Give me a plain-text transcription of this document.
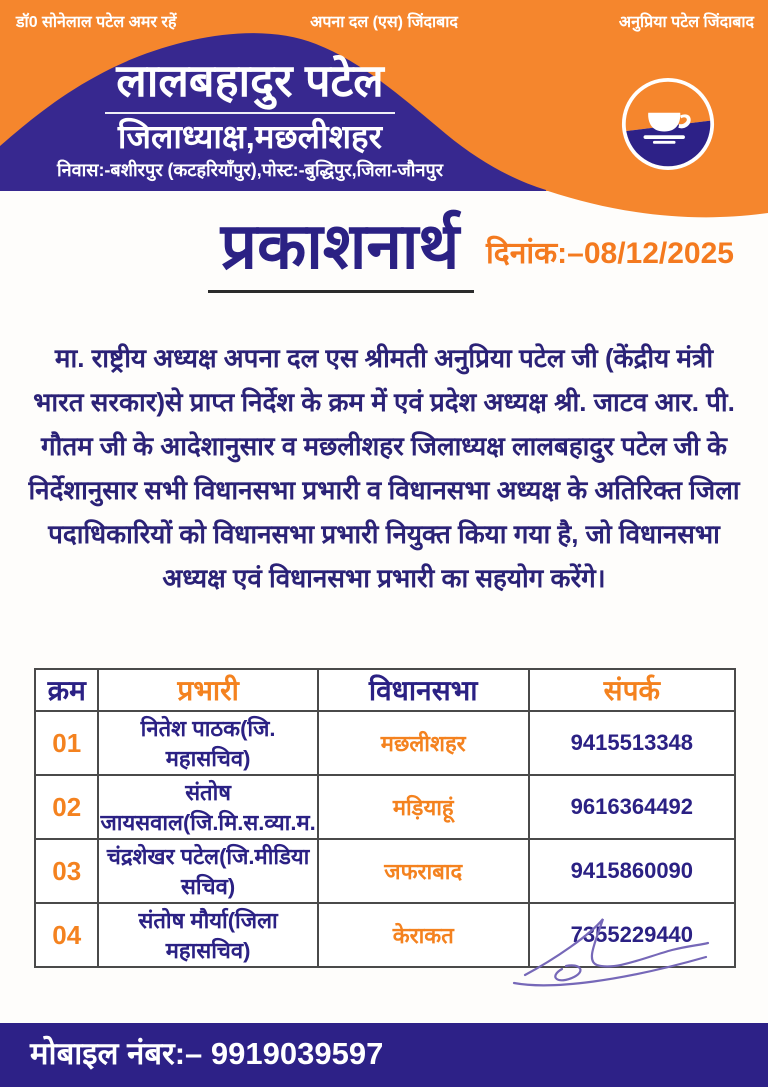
डॉ0 सोनेलाल पटेल अमर रहें	अपना दल (एस) जिंदाबाद	अनुप्रिया पटेल जिंदाबाद
लालबहादुर पटेल
जिलाध्याक्ष,मछलीशहर
निवास:-बशीरपुर (कटहरियाँपुर),पोस्ट:-बुद्धिपुर,जिला-जौनपुर
प्रकाशनार्थ दिनांक:–08/12/2025
मा. राष्ट्रीय अध्यक्ष अपना दल एस श्रीमती अनुप्रिया पटेल जी (केंद्रीय मंत्री
भारत सरकार)से प्राप्त निर्देश के क्रम में एवं प्रदेश अध्यक्ष श्री. जाटव आर. पी.
गौतम जी के आदेशानुसार व मछलीशहर जिलाध्यक्ष लालबहादुर पटेल जी के
निर्देशानुसार सभी विधानसभा प्रभारी व विधानसभा अध्यक्ष के अतिरिक्त जिला
पदाधिकारियों को विधानसभा प्रभारी नियुक्त किया गया है, जो विधानसभा
अध्यक्ष एवं विधानसभा प्रभारी का सहयोग करेंगे।
क्रम	प्रभारी	विधानसभा	संपर्क
01	नितेश पाठक(जि. महासचिव)	मछलीशहर	9415513348
02	संतोष जायसवाल(जि.मि.स.व्या.म.	मड़ियाहूं	9616364492
03	चंद्रशेखर पटेल(जि.मीडिया सचिव)	जफराबाद	9415860090
04	संतोष मौर्या(जिला महासचिव)	केराकत	7355229440
मोबाइल नंबर:– 9919039597
